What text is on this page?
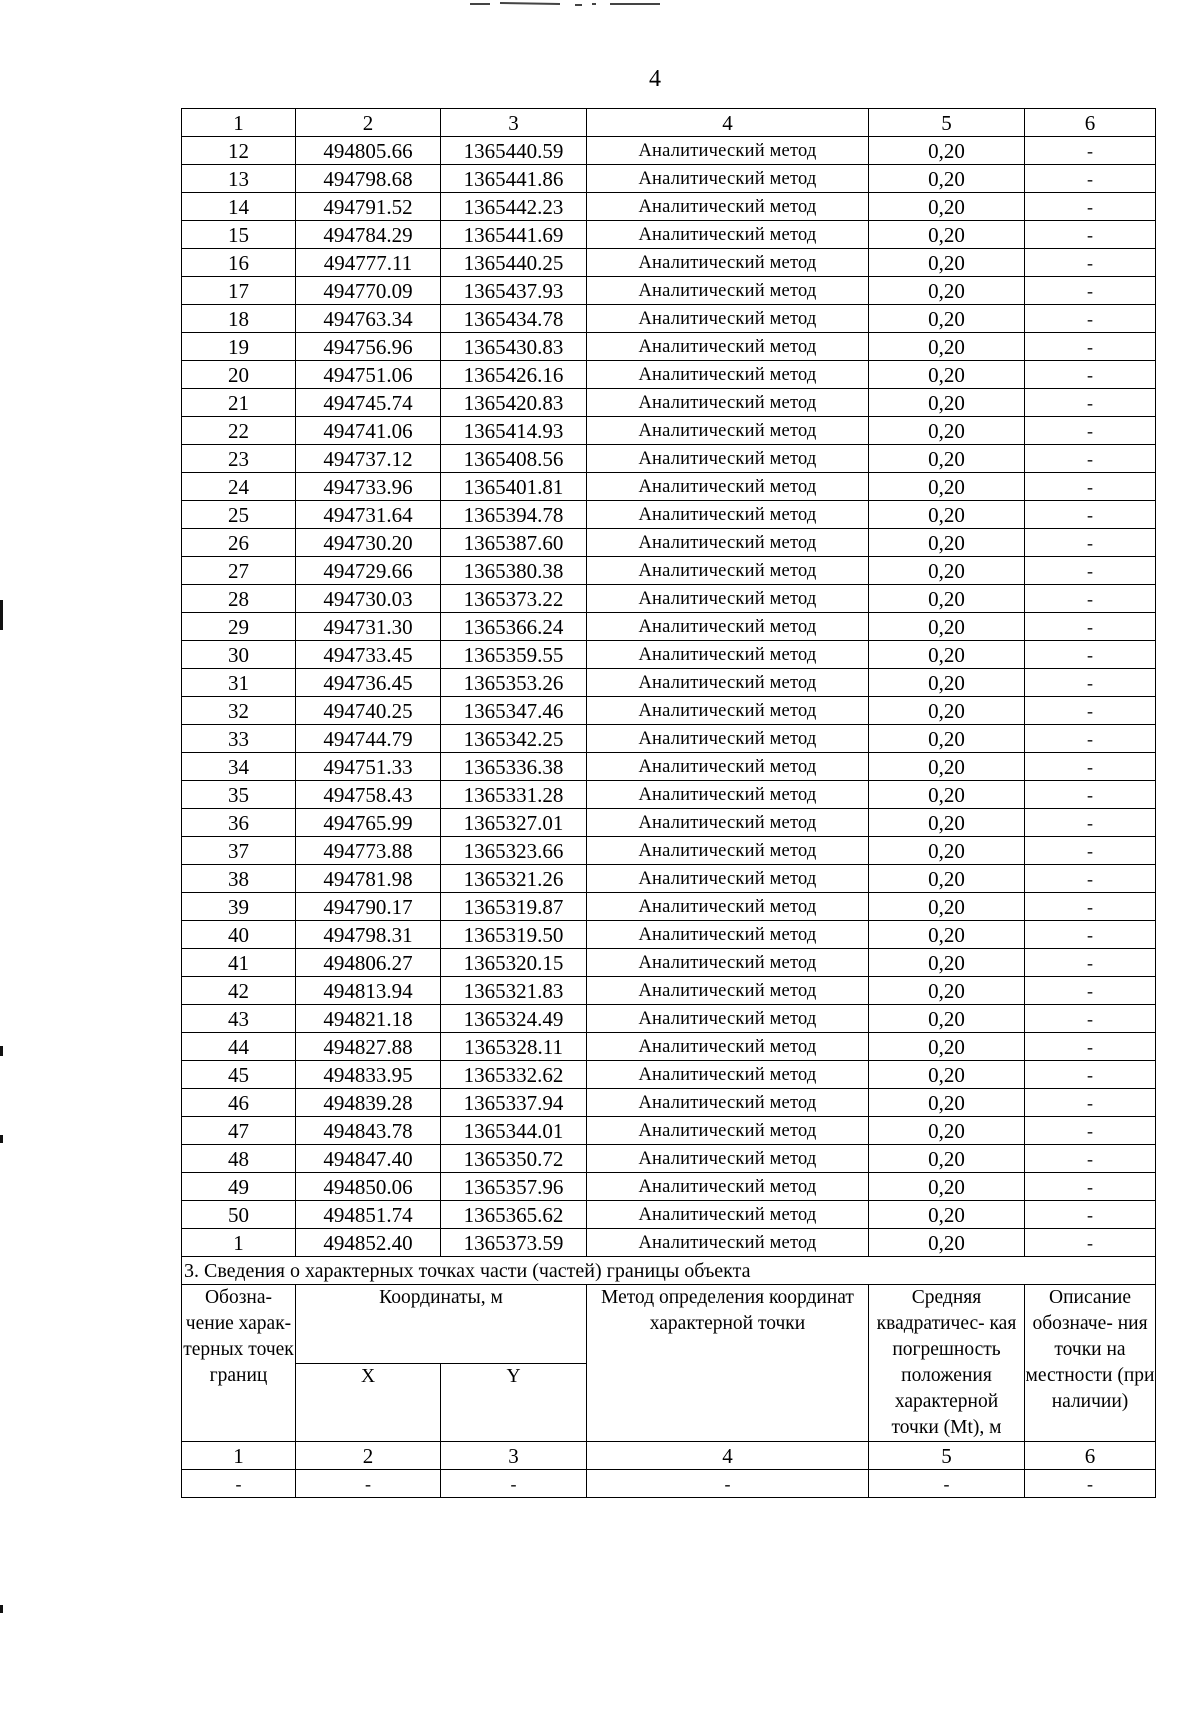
4
1	2	3	4	5	6
12	494805.66	1365440.59	Аналитический метод	0,20	-
13	494798.68	1365441.86	Аналитический метод	0,20	-
14	494791.52	1365442.23	Аналитический метод	0,20	-
15	494784.29	1365441.69	Аналитический метод	0,20	-
16	494777.11	1365440.25	Аналитический метод	0,20	-
17	494770.09	1365437.93	Аналитический метод	0,20	-
18	494763.34	1365434.78	Аналитический метод	0,20	-
19	494756.96	1365430.83	Аналитический метод	0,20	-
20	494751.06	1365426.16	Аналитический метод	0,20	-
21	494745.74	1365420.83	Аналитический метод	0,20	-
22	494741.06	1365414.93	Аналитический метод	0,20	-
23	494737.12	1365408.56	Аналитический метод	0,20	-
24	494733.96	1365401.81	Аналитический метод	0,20	-
25	494731.64	1365394.78	Аналитический метод	0,20	-
26	494730.20	1365387.60	Аналитический метод	0,20	-
27	494729.66	1365380.38	Аналитический метод	0,20	-
28	494730.03	1365373.22	Аналитический метод	0,20	-
29	494731.30	1365366.24	Аналитический метод	0,20	-
30	494733.45	1365359.55	Аналитический метод	0,20	-
31	494736.45	1365353.26	Аналитический метод	0,20	-
32	494740.25	1365347.46	Аналитический метод	0,20	-
33	494744.79	1365342.25	Аналитический метод	0,20	-
34	494751.33	1365336.38	Аналитический метод	0,20	-
35	494758.43	1365331.28	Аналитический метод	0,20	-
36	494765.99	1365327.01	Аналитический метод	0,20	-
37	494773.88	1365323.66	Аналитический метод	0,20	-
38	494781.98	1365321.26	Аналитический метод	0,20	-
39	494790.17	1365319.87	Аналитический метод	0,20	-
40	494798.31	1365319.50	Аналитический метод	0,20	-
41	494806.27	1365320.15	Аналитический метод	0,20	-
42	494813.94	1365321.83	Аналитический метод	0,20	-
43	494821.18	1365324.49	Аналитический метод	0,20	-
44	494827.88	1365328.11	Аналитический метод	0,20	-
45	494833.95	1365332.62	Аналитический метод	0,20	-
46	494839.28	1365337.94	Аналитический метод	0,20	-
47	494843.78	1365344.01	Аналитический метод	0,20	-
48	494847.40	1365350.72	Аналитический метод	0,20	-
49	494850.06	1365357.96	Аналитический метод	0,20	-
50	494851.74	1365365.62	Аналитический метод	0,20	-
1	494852.40	1365373.59	Аналитический метод	0,20	-
3. Сведения о характерных точках части (частей) границы объекта					
Обозна- чение харак- терных точек границ	Координаты, м		Метод определения координат характерной точки	Средняя квадратичес- кая погрешность положения характерной точки (Mt), м	Описание обозначе- ния точки на местности (при наличии)
	X	Y			
1	2	3	4	5	6
-	-	-	-	-	-
